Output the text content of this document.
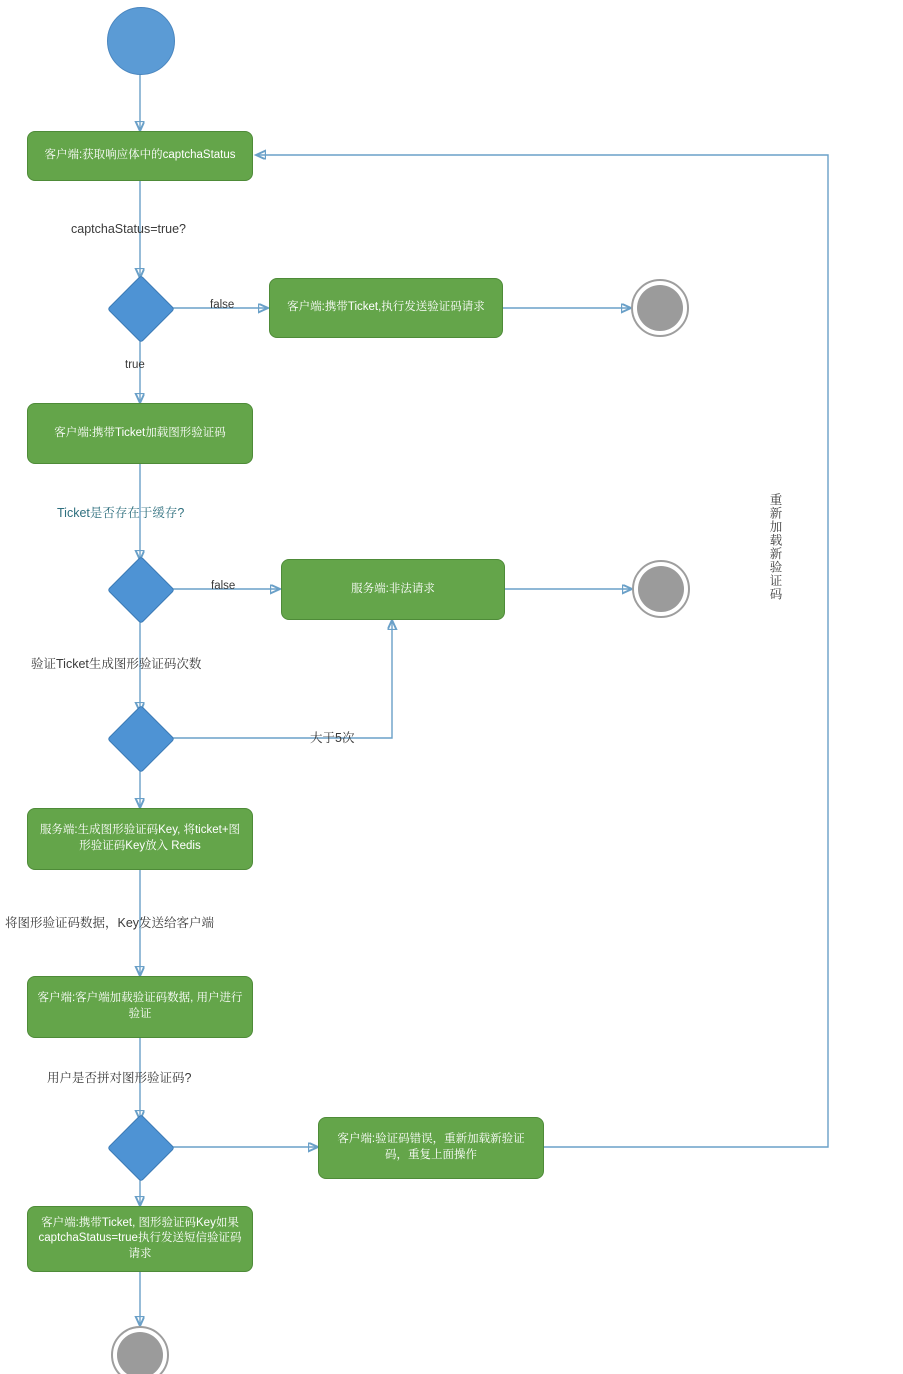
客户端:获取响应体中的captchaStatus
客户端:携带Ticket,执行发送验证码请求
客户端:携带Ticket加载图形验证码
服务端:非法请求
服务端:生成图形验证码Key, 将ticket+图形验证码Key放入 Redis
客户端:客户端加载验证码数据, 用户进行验证
客户端:验证码错误，重新加载新验证码，重复上面操作
客户端:携带Ticket, 图形验证码Key如果captchaStatus=true执行发送短信验证码请求
captchaStatus=true?
false
true
Ticket是否存在于缓存?
false
验证Ticket生成图形验证码次数
大于5次
将图形验证码数据，Key发送给客户端
用户是否拼对图形验证码?
重新加载新验证码
